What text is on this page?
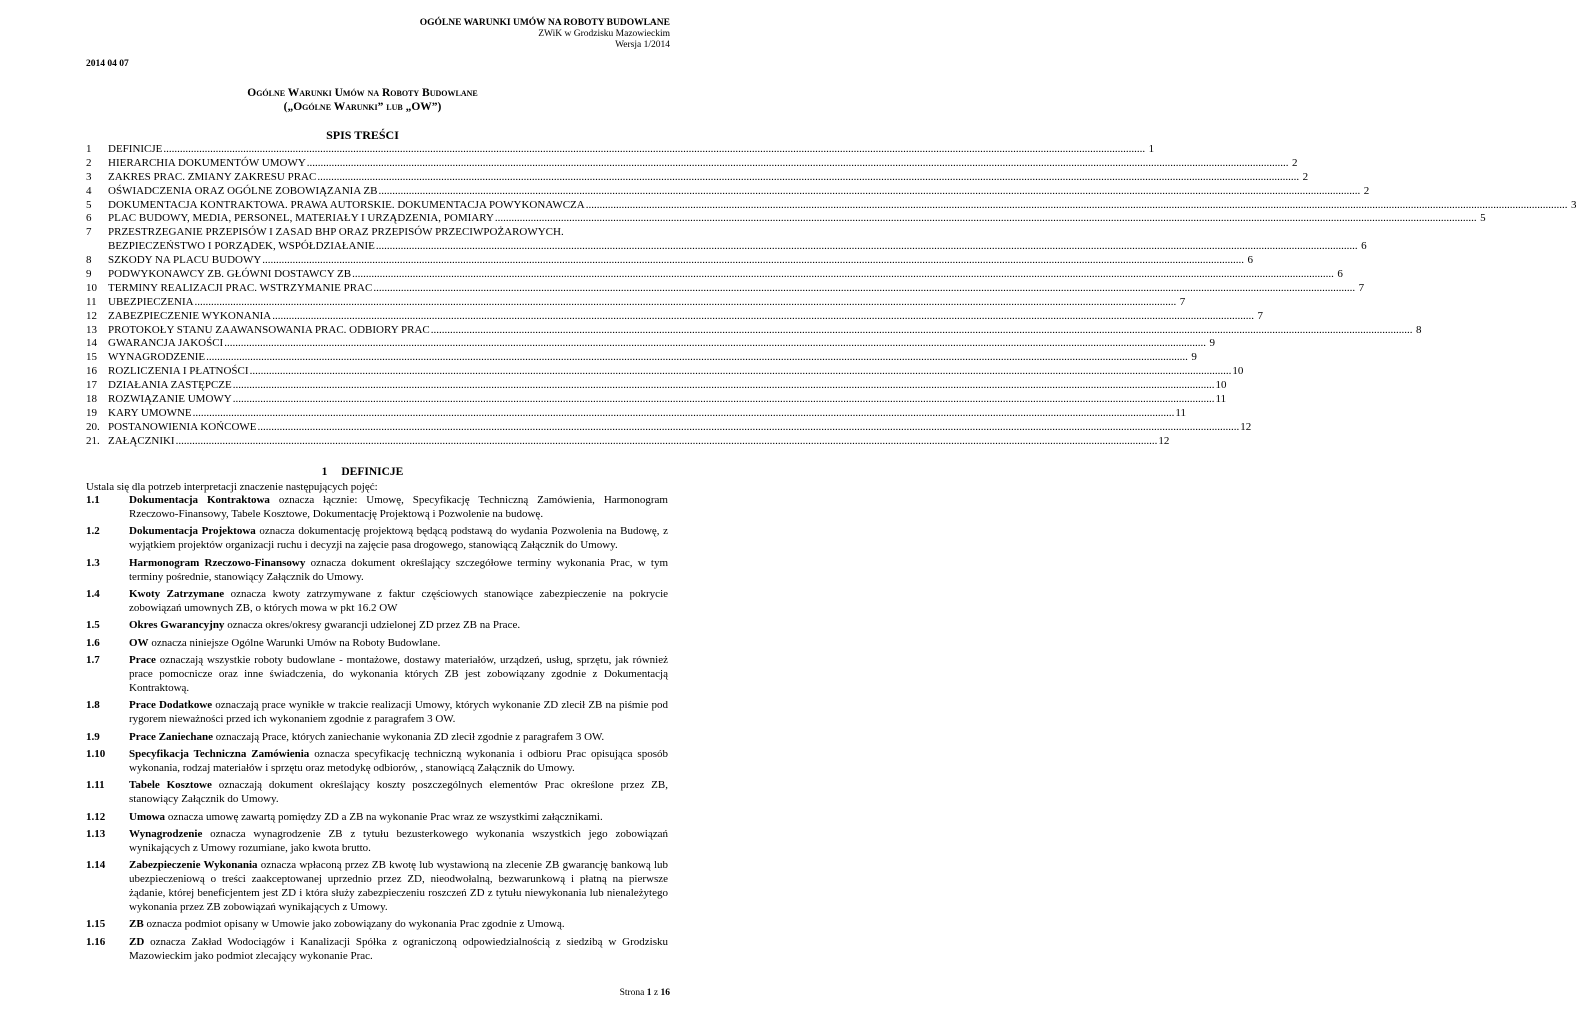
OGÓLNE WARUNKI UMÓW NA ROBOTY BUDOWLANE
ZWiK w Grodzisku Mazowieckim
Wersja 1/2014
2014 04 07
Ogólne Warunki Umów na Roboty Budowlane
(„Ogólne Warunki” lub „OW”)
SPIS TREŚCI
1	DEFINICJE .....	1
2	HIERARCHIA DOKUMENTÓW UMOWY .....	2
3	ZAKRES PRAC. ZMIANY ZAKRESU PRAC .....	2
4	OŚWIADCZENIA ORAZ OGÓLNE ZOBOWIĄZANIA ZB .....	2
5	DOKUMENTACJA KONTRAKTOWA. PRAWA AUTORSKIE. DOKUMENTACJA POWYKONAWCZA .....	3
6	PLAC BUDOWY, MEDIA, PERSONEL, MATERIAŁY I URZĄDZENIA, POMIARY .....	5
7	PRZESTRZEGANIE PRZEPISÓW I ZASAD BHP ORAZ PRZEPISÓW PRZECIWPOŻAROWYCH.
BEZPIECZEŃSTWO I PORZĄDEK, WSPÓŁDZIAŁANIE .....	6
8	SZKODY NA PLACU BUDOWY .....	6
9	PODWYKONAWCY ZB. GŁÓWNI DOSTAWCY ZB .....	6
10	TERMINY REALIZACJI PRAC. WSTRZYMANIE PRAC .....	7
11	UBEZPIECZENIA .....	7
12	ZABEZPIECZENIE WYKONANIA .....	7
13	PROTOKOŁY STANU ZAAWANSOWANIA PRAC. ODBIORY PRAC .....	8
14	GWARANCJA JAKOŚCI .....	9
15	WYNAGRODZENIE .....	9
16	ROZLICZENIA I PŁATNOŚCI .....	10
17	DZIAŁANIA ZASTĘPCZE .....	10
18	ROZWIĄZANIE UMOWY .....	11
19	KARY UMOWNE .....	11
20. POSTANOWIENIA KOŃCOWE .....	12
21. ZAŁĄCZNIKI .....	12
1 DEFINICJE
Ustala się dla potrzeb interpretacji znaczenie następujących pojęć:
1.1	Dokumentacja Kontraktowa oznacza łącznie: Umowę, Specyfikację Techniczną Zamówienia, Harmonogram Rzeczowo-Finansowy, Tabele Kosztowe, Dokumentację Projektową i Pozwolenie na budowę.
1.2	Dokumentacja Projektowa oznacza dokumentację projektową będącą podstawą do wydania Pozwolenia na Budowę, z wyjątkiem projektów organizacji ruchu i decyzji na zajęcie pasa drogowego, stanowiącą Załącznik do Umowy.
1.3	Harmonogram Rzeczowo-Finansowy oznacza dokument określający szczegółowe terminy wykonania Prac, w tym terminy pośrednie, stanowiący Załącznik do Umowy.
1.4	Kwoty Zatrzymane oznacza kwoty zatrzymywane z faktur częściowych stanowiące zabezpieczenie na pokrycie zobowiązań umownych ZB, o których mowa w pkt 16.2 OW
1.5	Okres Gwarancyjny oznacza okres/okresy gwarancji udzielonej ZD przez ZB na Prace.
1.6	OW oznacza niniejsze Ogólne Warunki Umów na Roboty Budowlane.
1.7	Prace oznaczają wszystkie roboty budowlane - montażowe, dostawy materiałów, urządzeń, usług, sprzętu, jak również prace pomocnicze oraz inne świadczenia, do wykonania których ZB jest zobowiązany zgodnie z Dokumentacją Kontraktową.
1.8	Prace Dodatkowe oznaczają prace wynikłe w trakcie realizacji Umowy, których wykonanie ZD zlecił ZB na piśmie pod rygorem nieważności przed ich wykonaniem zgodnie z paragrafem 3 OW.
1.9	Prace Zaniechane oznaczają Prace, których zaniechanie wykonania ZD zlecił zgodnie z paragrafem 3 OW.
1.10	Specyfikacja Techniczna Zamówienia oznacza specyfikację techniczną wykonania i odbioru Prac opisująca sposób wykonania, rodzaj materiałów i sprzętu oraz metodykę odbiorów, , stanowiącą Załącznik do Umowy.
1.11	Tabele Kosztowe oznaczają dokument określający koszty poszczególnych elementów Prac określone przez ZB, stanowiący Załącznik do Umowy.
1.12	Umowa oznacza umowę zawartą pomiędzy ZD a ZB na wykonanie Prac wraz ze wszystkimi załącznikami.
1.13	Wynagrodzenie oznacza wynagrodzenie ZB z tytułu bezusterkowego wykonania wszystkich jego zobowiązań wynikających z Umowy rozumiane, jako kwota brutto.
1.14	Zabezpieczenie Wykonania oznacza wpłaconą przez ZB kwotę lub wystawioną na zlecenie ZB gwarancję bankową lub ubezpieczeniową o treści zaakceptowanej uprzednio przez ZD, nieodwołalną, bezwarunkową i płatną na pierwsze żądanie, której beneficjentem jest ZD i która służy zabezpieczeniu roszczeń ZD z tytułu niewykonania lub nienależytego wykonania przez ZB zobowiązań wynikających z Umowy.
1.15	ZB oznacza podmiot opisany w Umowie jako zobowiązany do wykonania Prac zgodnie z Umową.
1.16	ZD oznacza Zakład Wodociągów i Kanalizacji Spółka z ograniczoną odpowiedzialnością z siedzibą w Grodzisku Mazowieckim jako podmiot zlecający wykonanie Prac.
Strona 1 z 16
